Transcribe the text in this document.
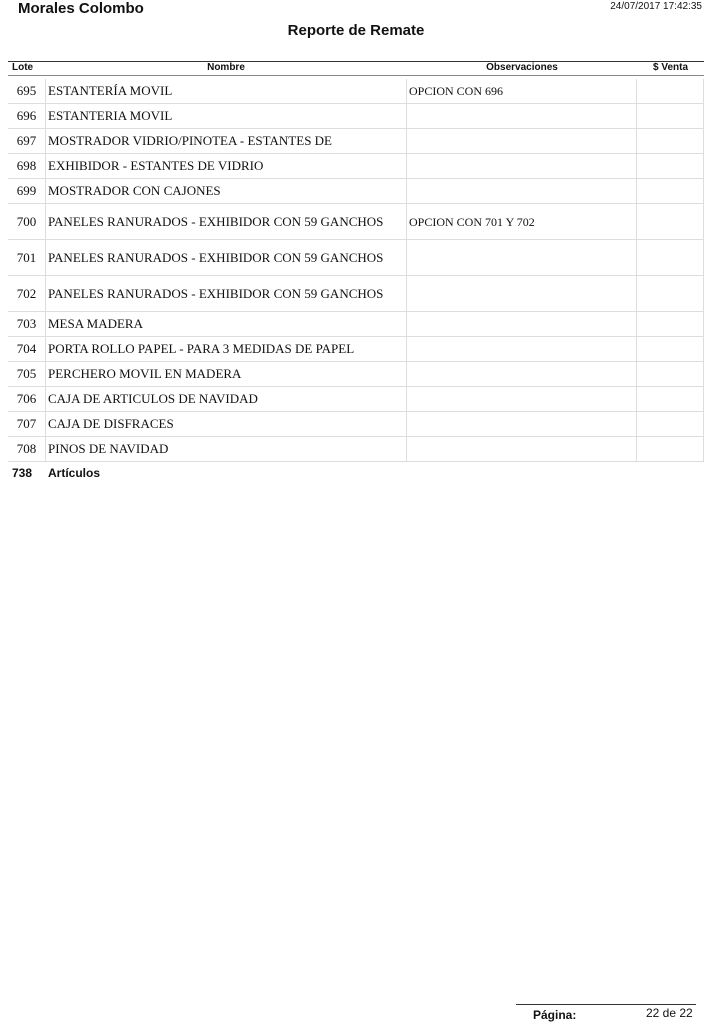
Morales Colombo	24/07/2017 17:42:35
Reporte de Remate
Lote	Nombre	Observaciones	$ Venta
695 ESTANTERÍA MOVIL	OPCION CON 696
696 ESTANTERIA MOVIL
697 MOSTRADOR VIDRIO/PINOTEA - ESTANTES DE
698 EXHIBIDOR - ESTANTES DE VIDRIO
699 MOSTRADOR CON CAJONES
700 PANELES RANURADOS - EXHIBIDOR CON 59 GANCHOS	OPCION CON 701 Y 702
701 PANELES RANURADOS - EXHIBIDOR CON 59 GANCHOS
702 PANELES RANURADOS - EXHIBIDOR CON 59 GANCHOS
703 MESA MADERA
704 PORTA ROLLO PAPEL - PARA 3 MEDIDAS DE PAPEL
705 PERCHERO MOVIL EN MADERA
706 CAJA DE ARTICULOS DE NAVIDAD
707 CAJA DE DISFRACES
708 PINOS DE NAVIDAD
738 Artículos
Página:	22 de 22
